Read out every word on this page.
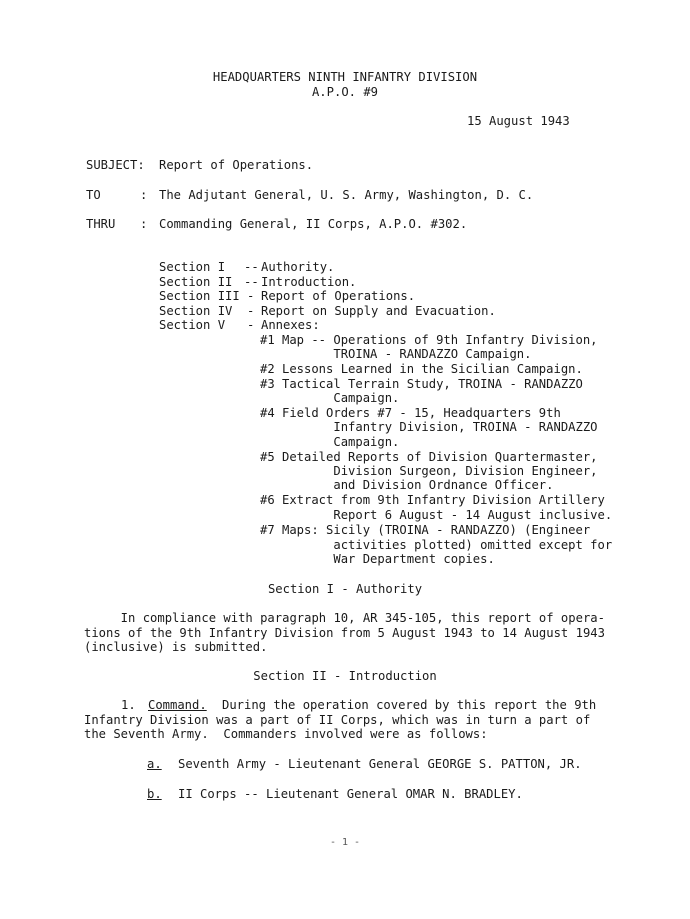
HEADQUARTERS NINTH INFANTRY DIVISION
A.P.O. #9
15 August 1943
SUBJECT: Report of Operations.
TO	: The Adjutant General, U. S. Army, Washington, D. C.
THRU : Commanding General, II Corps, A.P.O. #302.
Section I -- Authority.
Section II -- Introduction.
Section III - Report of Operations.
Section IV - Report on Supply and Evacuation.
Section V - Annexes:
#1 Map -- Operations of 9th Infantry Division,
TROINA - RANDAZZO Campaign.
#2 Lessons Learned in the Sicilian Campaign.
#3 Tactical Terrain Study, TROINA - RANDAZZO
Campaign.
#4 Field Orders #7 - 15, Headquarters 9th
Infantry Division, TROINA - RANDAZZO
Campaign.
#5 Detailed Reports of Division Quartermaster,
Division Surgeon, Division Engineer,
and Division Ordnance Officer.
#6 Extract from 9th Infantry Division Artillery
Report 6 August - 14 August inclusive.
#7 Maps: Sicily (TROINA - RANDAZZO) (Engineer
activities plotted) omitted except for
War Department copies.
Section I - Authority
In compliance with paragraph 10, AR 345-105, this report of opera-
tions of the 9th Infantry Division from 5 August 1943 to 14 August 1943
(inclusive) is submitted.
Section II - Introduction
1. Command. During the operation covered by this report the 9th
Infantry Division was a part of II Corps, which was in turn a part of
the Seventh Army.  Commanders involved were as follows:
a. Seventh Army - Lieutenant General GEORGE S. PATTON, JR.
b. II Corps -- Lieutenant General OMAR N. BRADLEY.
- 1 -
